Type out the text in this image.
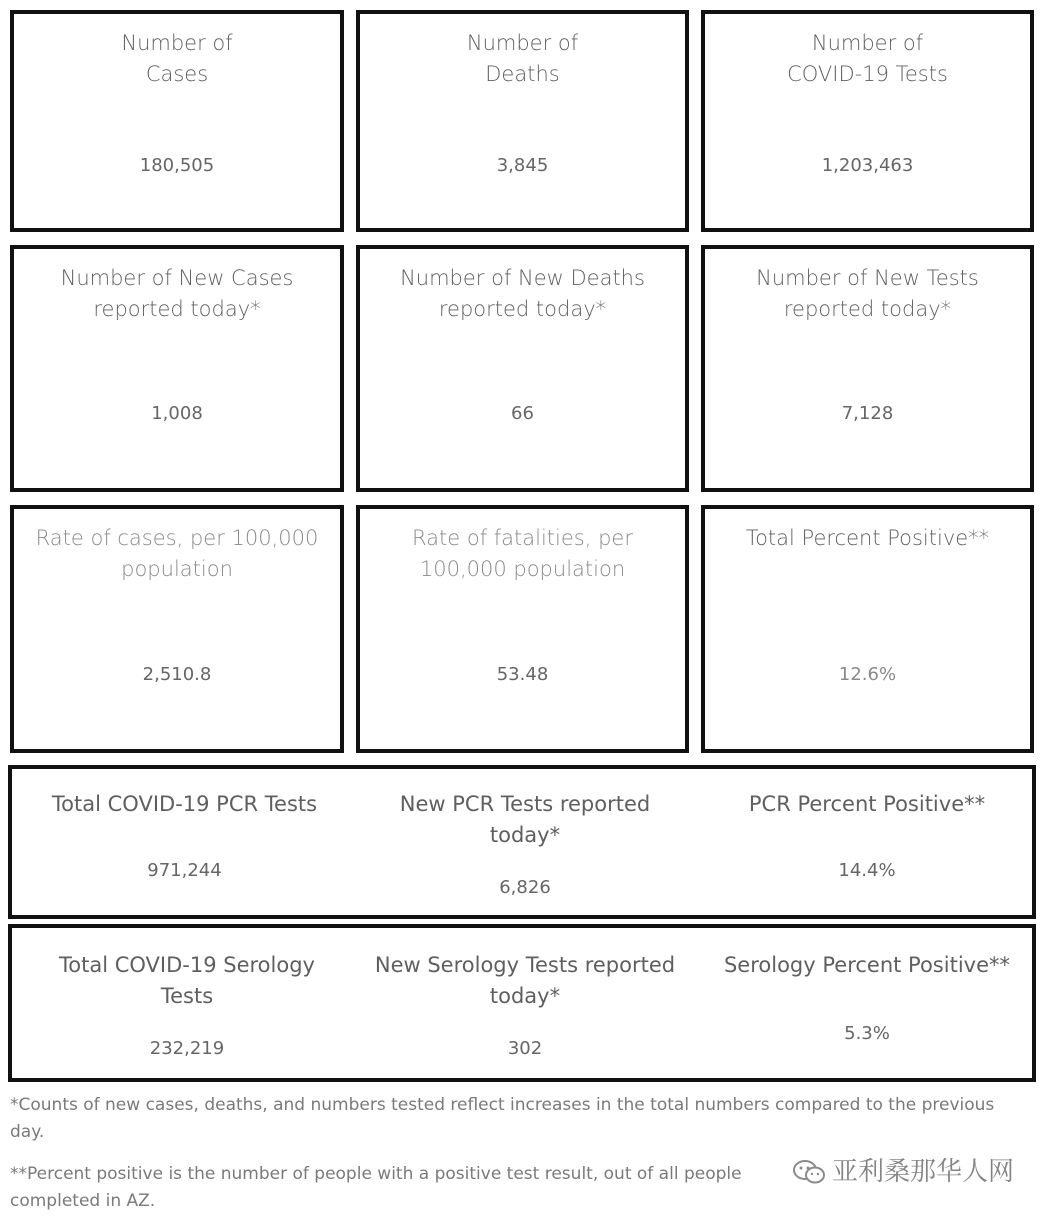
Number of
Cases
180,505
Number of
Deaths
3,845
Number of
COVID-19 Tests
1,203,463
Number of New Cases
reported today*
1,008
Number of New Deaths
reported today*
66
Number of New Tests
reported today*
7,128
Rate of cases, per 100,000
population
2,510.8
Rate of fatalities, per
100,000 population
53.48
Total Percent Positive**
12.6%
Total COVID-19 PCR Tests
971,244
New PCR Tests reported
today*
6,826
PCR Percent Positive**
14.4%
Total COVID-19 Serology
Tests
232,219
New Serology Tests reported
today*
302
Serology Percent Positive**
5.3%
*Counts of new cases, deaths, and numbers tested reflect increases in the total numbers compared to the previous day.
**Percent positive is the number of people with a positive test result, out of all people
completed in AZ.
亚利桑那华人网
